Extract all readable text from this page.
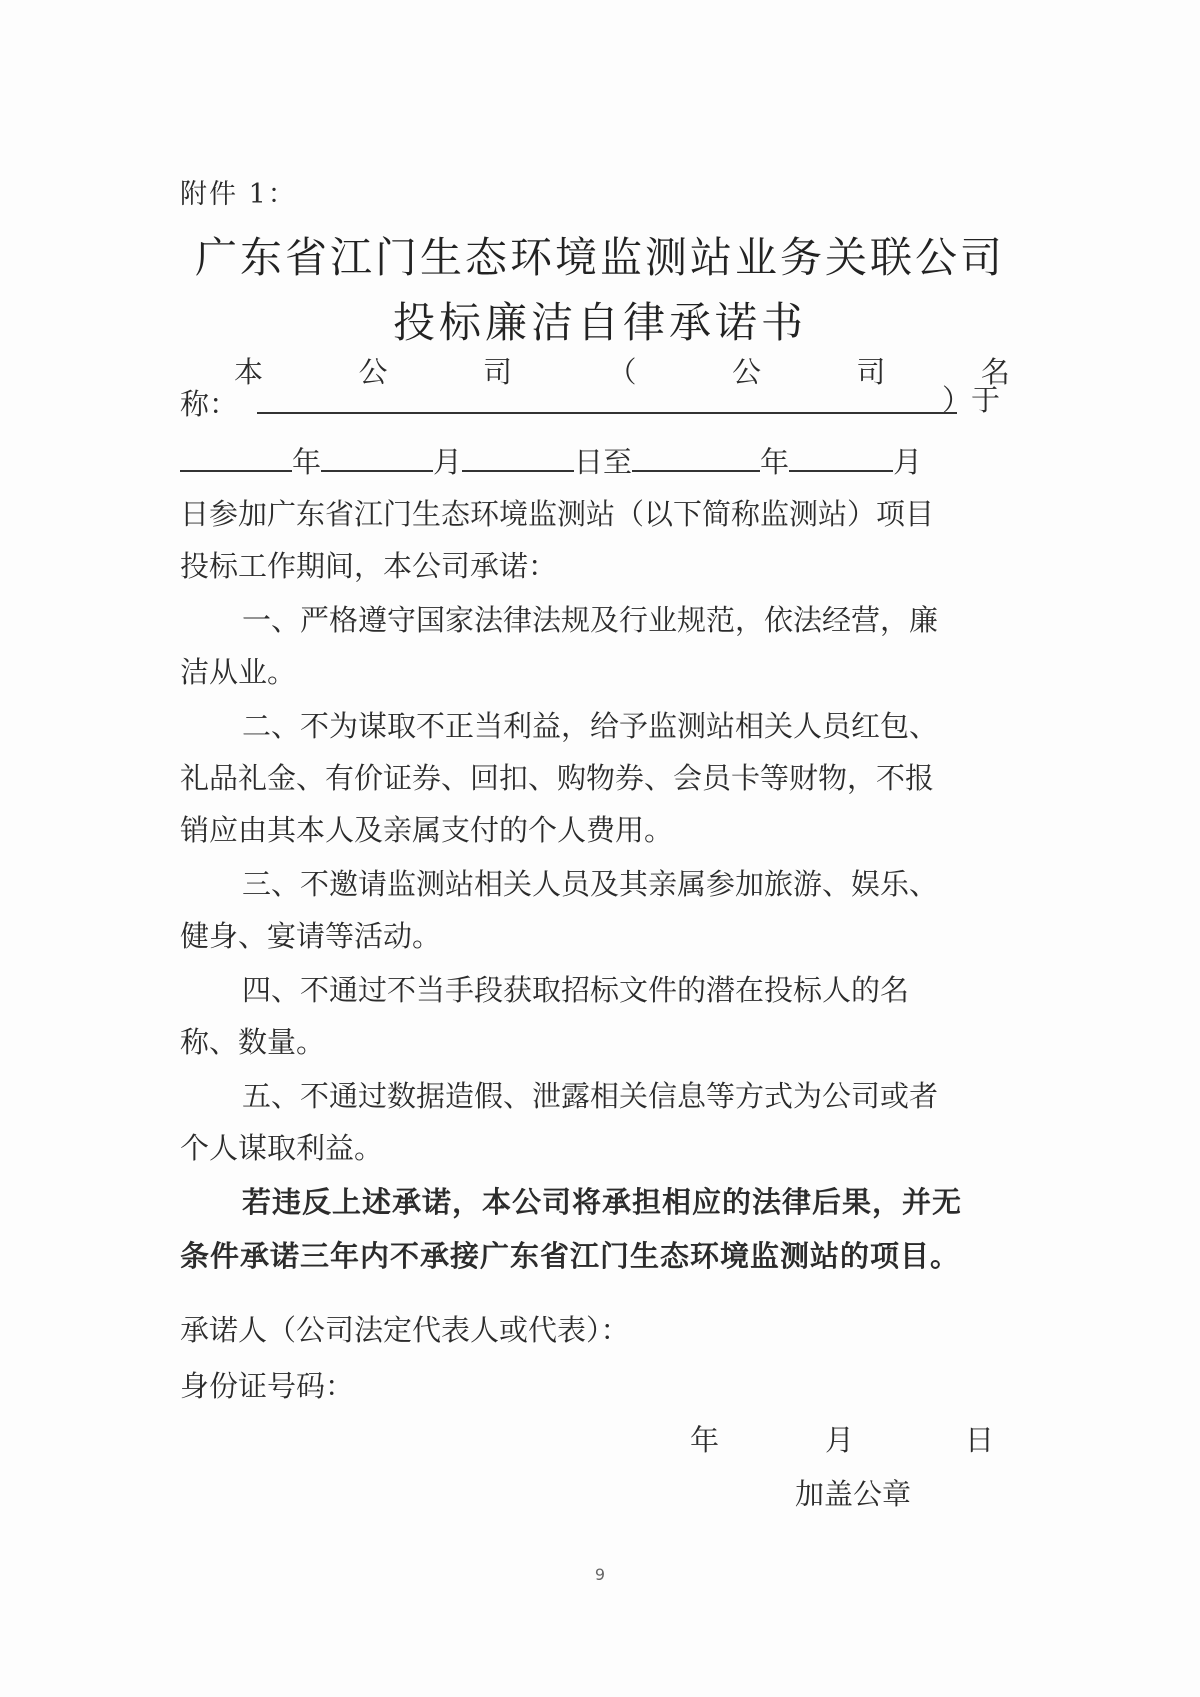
附件 1：
广东省江门生态环境监测站业务关联公司
投标廉洁自律承诺书
本	公	司	（	公	司	名
称：	）于
年	月	日至	年	月
日参加广东省江门生态环境监测站（以下简称监测站）项目
投标工作期间，本公司承诺：
一、严格遵守国家法律法规及行业规范，依法经营，廉
洁从业。
二、不为谋取不正当利益，给予监测站相关人员红包、
礼品礼金、有价证券、回扣、购物券、会员卡等财物，不报
销应由其本人及亲属支付的个人费用。
三、不邀请监测站相关人员及其亲属参加旅游、娱乐、
健身、宴请等活动。
四、不通过不当手段获取招标文件的潜在投标人的名
称、数量。
五、不通过数据造假、泄露相关信息等方式为公司或者
个人谋取利益。
若违反上述承诺，本公司将承担相应的法律后果，并无
条件承诺三年内不承接广东省江门生态环境监测站的项目。
承诺人（公司法定代表人或代表）：
身份证号码：
年	月	日
加盖公章
9
